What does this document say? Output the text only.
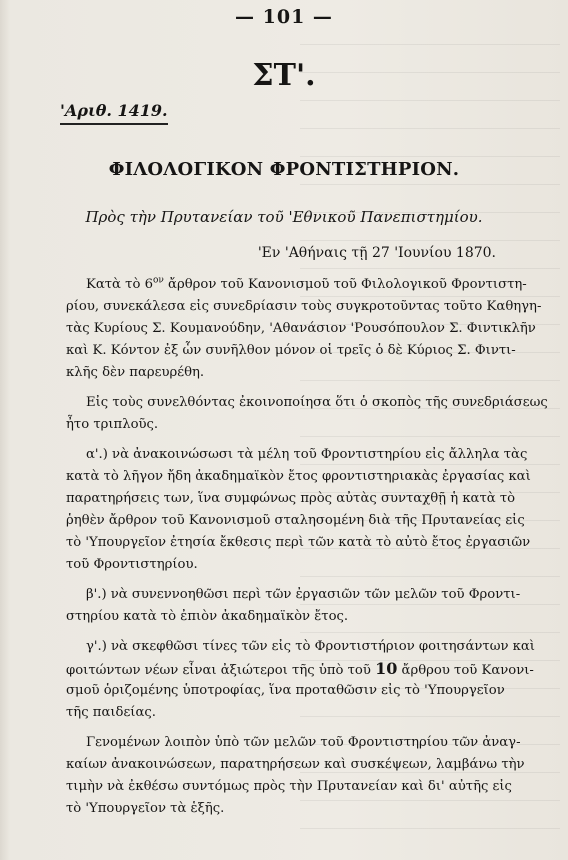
— 101 —
ΣΤ'.
'Αριθ. 1419.
ΦΙΛΟΛΟΓΙΚΟΝ ΦΡΟΝΤΙΣΤΗΡΙΟΝ.
Πρὸς τὴν Πρυτανείαν τοῦ 'Εθνικοῦ Πανεπιστημίου.
'Εν 'Αθήναις τῇ 27 'Ιουνίου 1870.
Κατὰ τὸ $6^{o\nu}$ ἄρθρον τοῦ Κανονισμοῦ τοῦ Φιλολογικοῦ Φροντιστη-
ρίου, συνεκάλεσα εἰς συνεδρίασιν τοὺς συγκροτοῦντας τοῦτο Καθηγη-
τὰς Κυρίους Σ. Κουμανούδην, 'Αθανάσιον 'Ρουσόπουλον Σ. Φιντικλῆν
καὶ Κ. Κόντον ἐξ ὧν συνῆλθον μόνον οἱ τρεῖς ὁ δὲ Κύριος Σ. Φιντι-
κλῆς δὲν παρευρέθη.
Εἰς τοὺς συνελθόντας ἐκοινοποίησα ὅτι ὁ σκοπὸς τῆς συνεδριάσεως
ἦτο τριπλοῦς.
α'.) νὰ ἀνακοινώσωσι τὰ μέλη τοῦ Φροντιστηρίου εἰς ἄλληλα τὰς
κατὰ τὸ λῆγον ἤδη ἀκαδημαϊκὸν ἔτος φροντιστηριακὰς ἐργασίας καὶ
παρατηρήσεις των, ἵνα συμφώνως πρὸς αὐτὰς συνταχθῇ ἡ κατὰ τὸ
ῥηθὲν ἄρθρον τοῦ Κανονισμοῦ σταλησομένη διὰ τῆς Πρυτανείας εἰς
τὸ 'Υπουργεῖον ἐτησία ἔκθεσις περὶ τῶν κατὰ τὸ αὐτὸ ἔτος ἐργασιῶν
τοῦ Φροντιστηρίου.
β'.) νὰ συνεννοηθῶσι περὶ τῶν ἐργασιῶν τῶν μελῶν τοῦ Φροντι-
στηρίου κατὰ τὸ ἐπιὸν ἀκαδημαϊκὸν ἔτος.
γ'.) νὰ σκεφθῶσι τίνες τῶν εἰς τὸ Φροντιστήριον φοιτησάντων καὶ
φοιτώντων νέων εἶναι ἀξιώτεροι τῆς ὑπὸ τοῦ 10 ἄρθρου τοῦ Κανονι-
σμοῦ ὁριζομένης ὑποτροφίας, ἵνα προταθῶσιν εἰς τὸ 'Υπουργεῖον
τῆς παιδείας.
Γενομένων λοιπὸν ὑπὸ τῶν μελῶν τοῦ Φροντιστηρίου τῶν ἀναγ-
καίων ἀνακοινώσεων, παρατηρήσεων καὶ συσκέψεων, λαμβάνω τὴν
τιμὴν νὰ ἐκθέσω συντόμως πρὸς τὴν Πρυτανείαν καὶ δι' αὐτῆς εἰς
τὸ 'Υπουργεῖον τὰ ἑξῆς.
